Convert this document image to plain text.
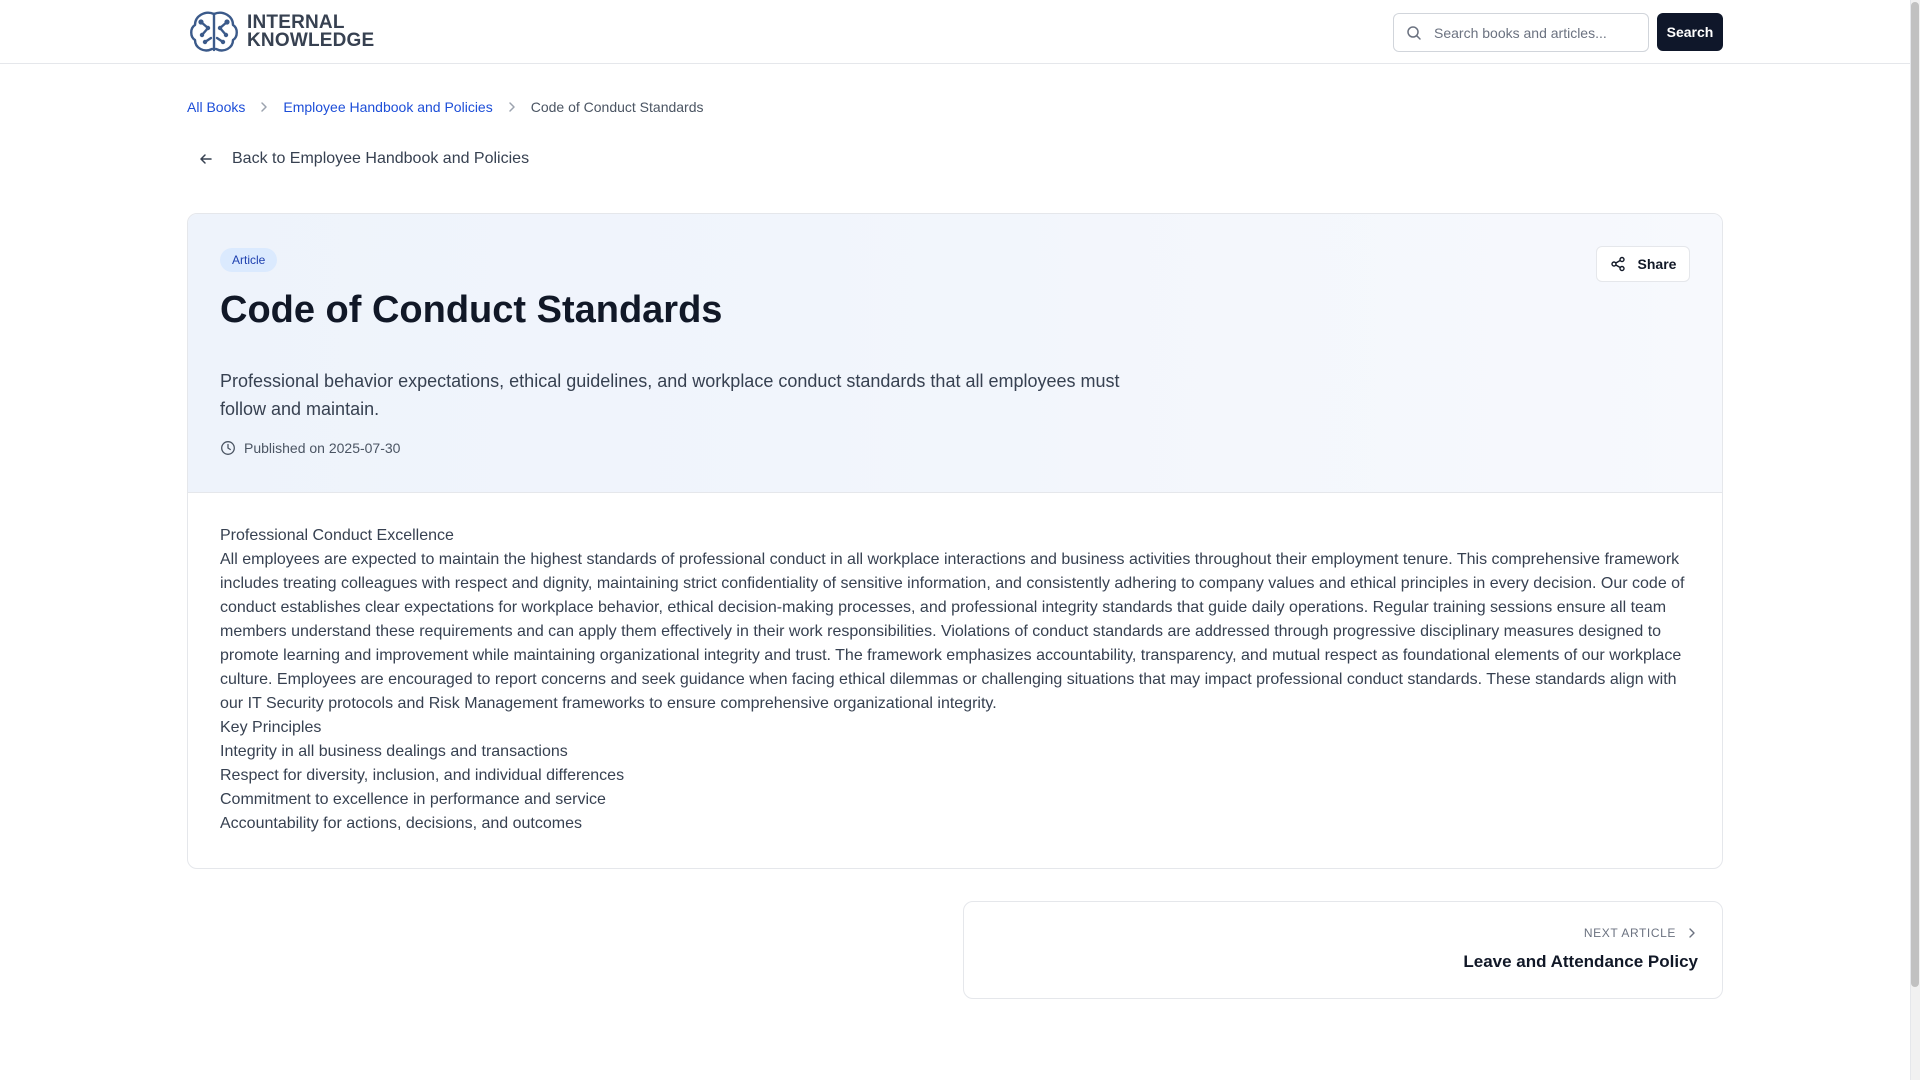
INTERNAL
KNOWLEDGE
Search books and articles...	Search
All Books	Employee Handbook and Policies	Code of Conduct Standards
Back to Employee Handbook and Policies
Article
Code of Conduct Standards

Professional behavior expectations, ethical guidelines, and workplace conduct standards that all employees must follow and maintain.

Published on 2025-07-30
Share

Professional Conduct Excellence

All employees are expected to maintain the highest standards of professional conduct in all workplace interactions and business activities throughout their employment tenure. This comprehensive framework includes treating colleagues with respect and dignity, maintaining strict confidentiality of sensitive information, and consistently adhering to company values and ethical principles in every decision. Our code of conduct establishes clear expectations for workplace behavior, ethical decision-making processes, and professional integrity standards that guide daily operations. Regular training sessions ensure all team members understand these requirements and can apply them effectively in their work responsibilities. Violations of conduct standards are addressed through progressive disciplinary measures designed to promote learning and improvement while maintaining organizational integrity and trust. The framework emphasizes accountability, transparency, and mutual respect as foundational elements of our workplace culture. Employees are encouraged to report concerns and seek guidance when facing ethical dilemmas or challenging situations that may impact professional conduct standards. These standards align with our IT Security protocols and Risk Management frameworks to ensure comprehensive organizational integrity.

Key Principles

Integrity in all business dealings and transactions

Respect for diversity, inclusion, and individual differences

Commitment to excellence in performance and service

Accountability for actions, decisions, and outcomes

NEXT ARTICLE
Leave and Attendance Policy
